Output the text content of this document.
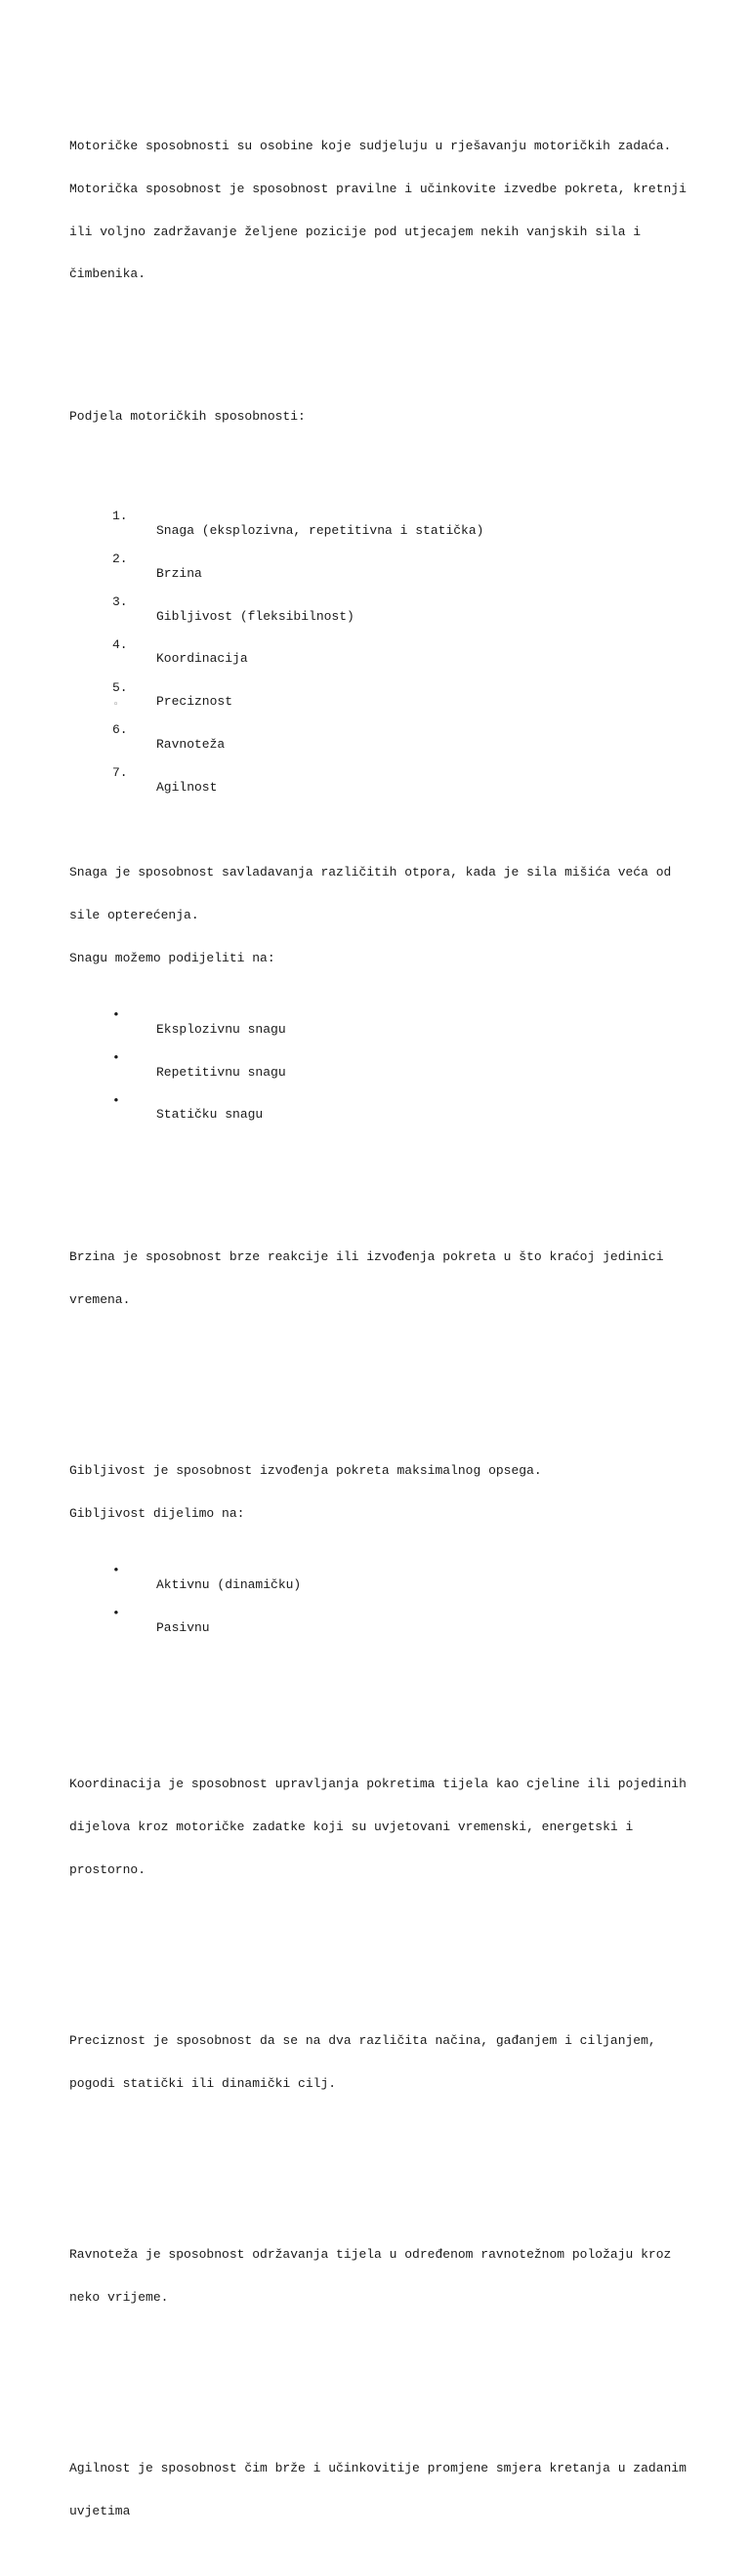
Motoričke sposobnosti su osobine koje sudjeluju u rješavanju motoričkih zadaća.

Motorička sposobnost je sposobnost pravilne i učinkovite izvedbe pokreta, kretnji

ili voljno zadržavanje željene pozicije pod utjecajem nekih vanjskih sila i

čimbenika.

Podjela motoričkih sposobnosti:

1.

Snaga (eksplozivna, repetitivna i statička)

2.

Brzina

3.

Gibljivost (fleksibilnost)

4.

Koordinacija

5.

Preciznost

6.

Ravnoteža

7.

Agilnost

Snaga je sposobnost savladavanja različitih otpora, kada je sila mišića veća od

sile opterećenja.

Snagu možemo podijeliti na:

•

Eksplozivnu snagu

•

Repetitivnu snagu

•

Statičku snagu

Brzina je sposobnost brze reakcije ili izvođenja pokreta u što kraćoj jedinici

vremena.

Gibljivost je sposobnost izvođenja pokreta maksimalnog opsega.

Gibljivost dijelimo na:

•

Aktivnu (dinamičku)

•

Pasivnu

Koordinacija je sposobnost upravljanja pokretima tijela kao cjeline ili pojedinih

dijelova kroz motoričke zadatke koji su uvjetovani vremenski, energetski i

prostorno.

Preciznost je sposobnost da se na dva različita načina, gađanjem i ciljanjem,

pogodi statički ili dinamički cilj.

Ravnoteža je sposobnost održavanja tijela u određenom ravnotežnom položaju kroz

neko vrijeme.

Agilnost je sposobnost čim brže i učinkovitije promjene smjera kretanja u zadanim

uvjetima

◦
